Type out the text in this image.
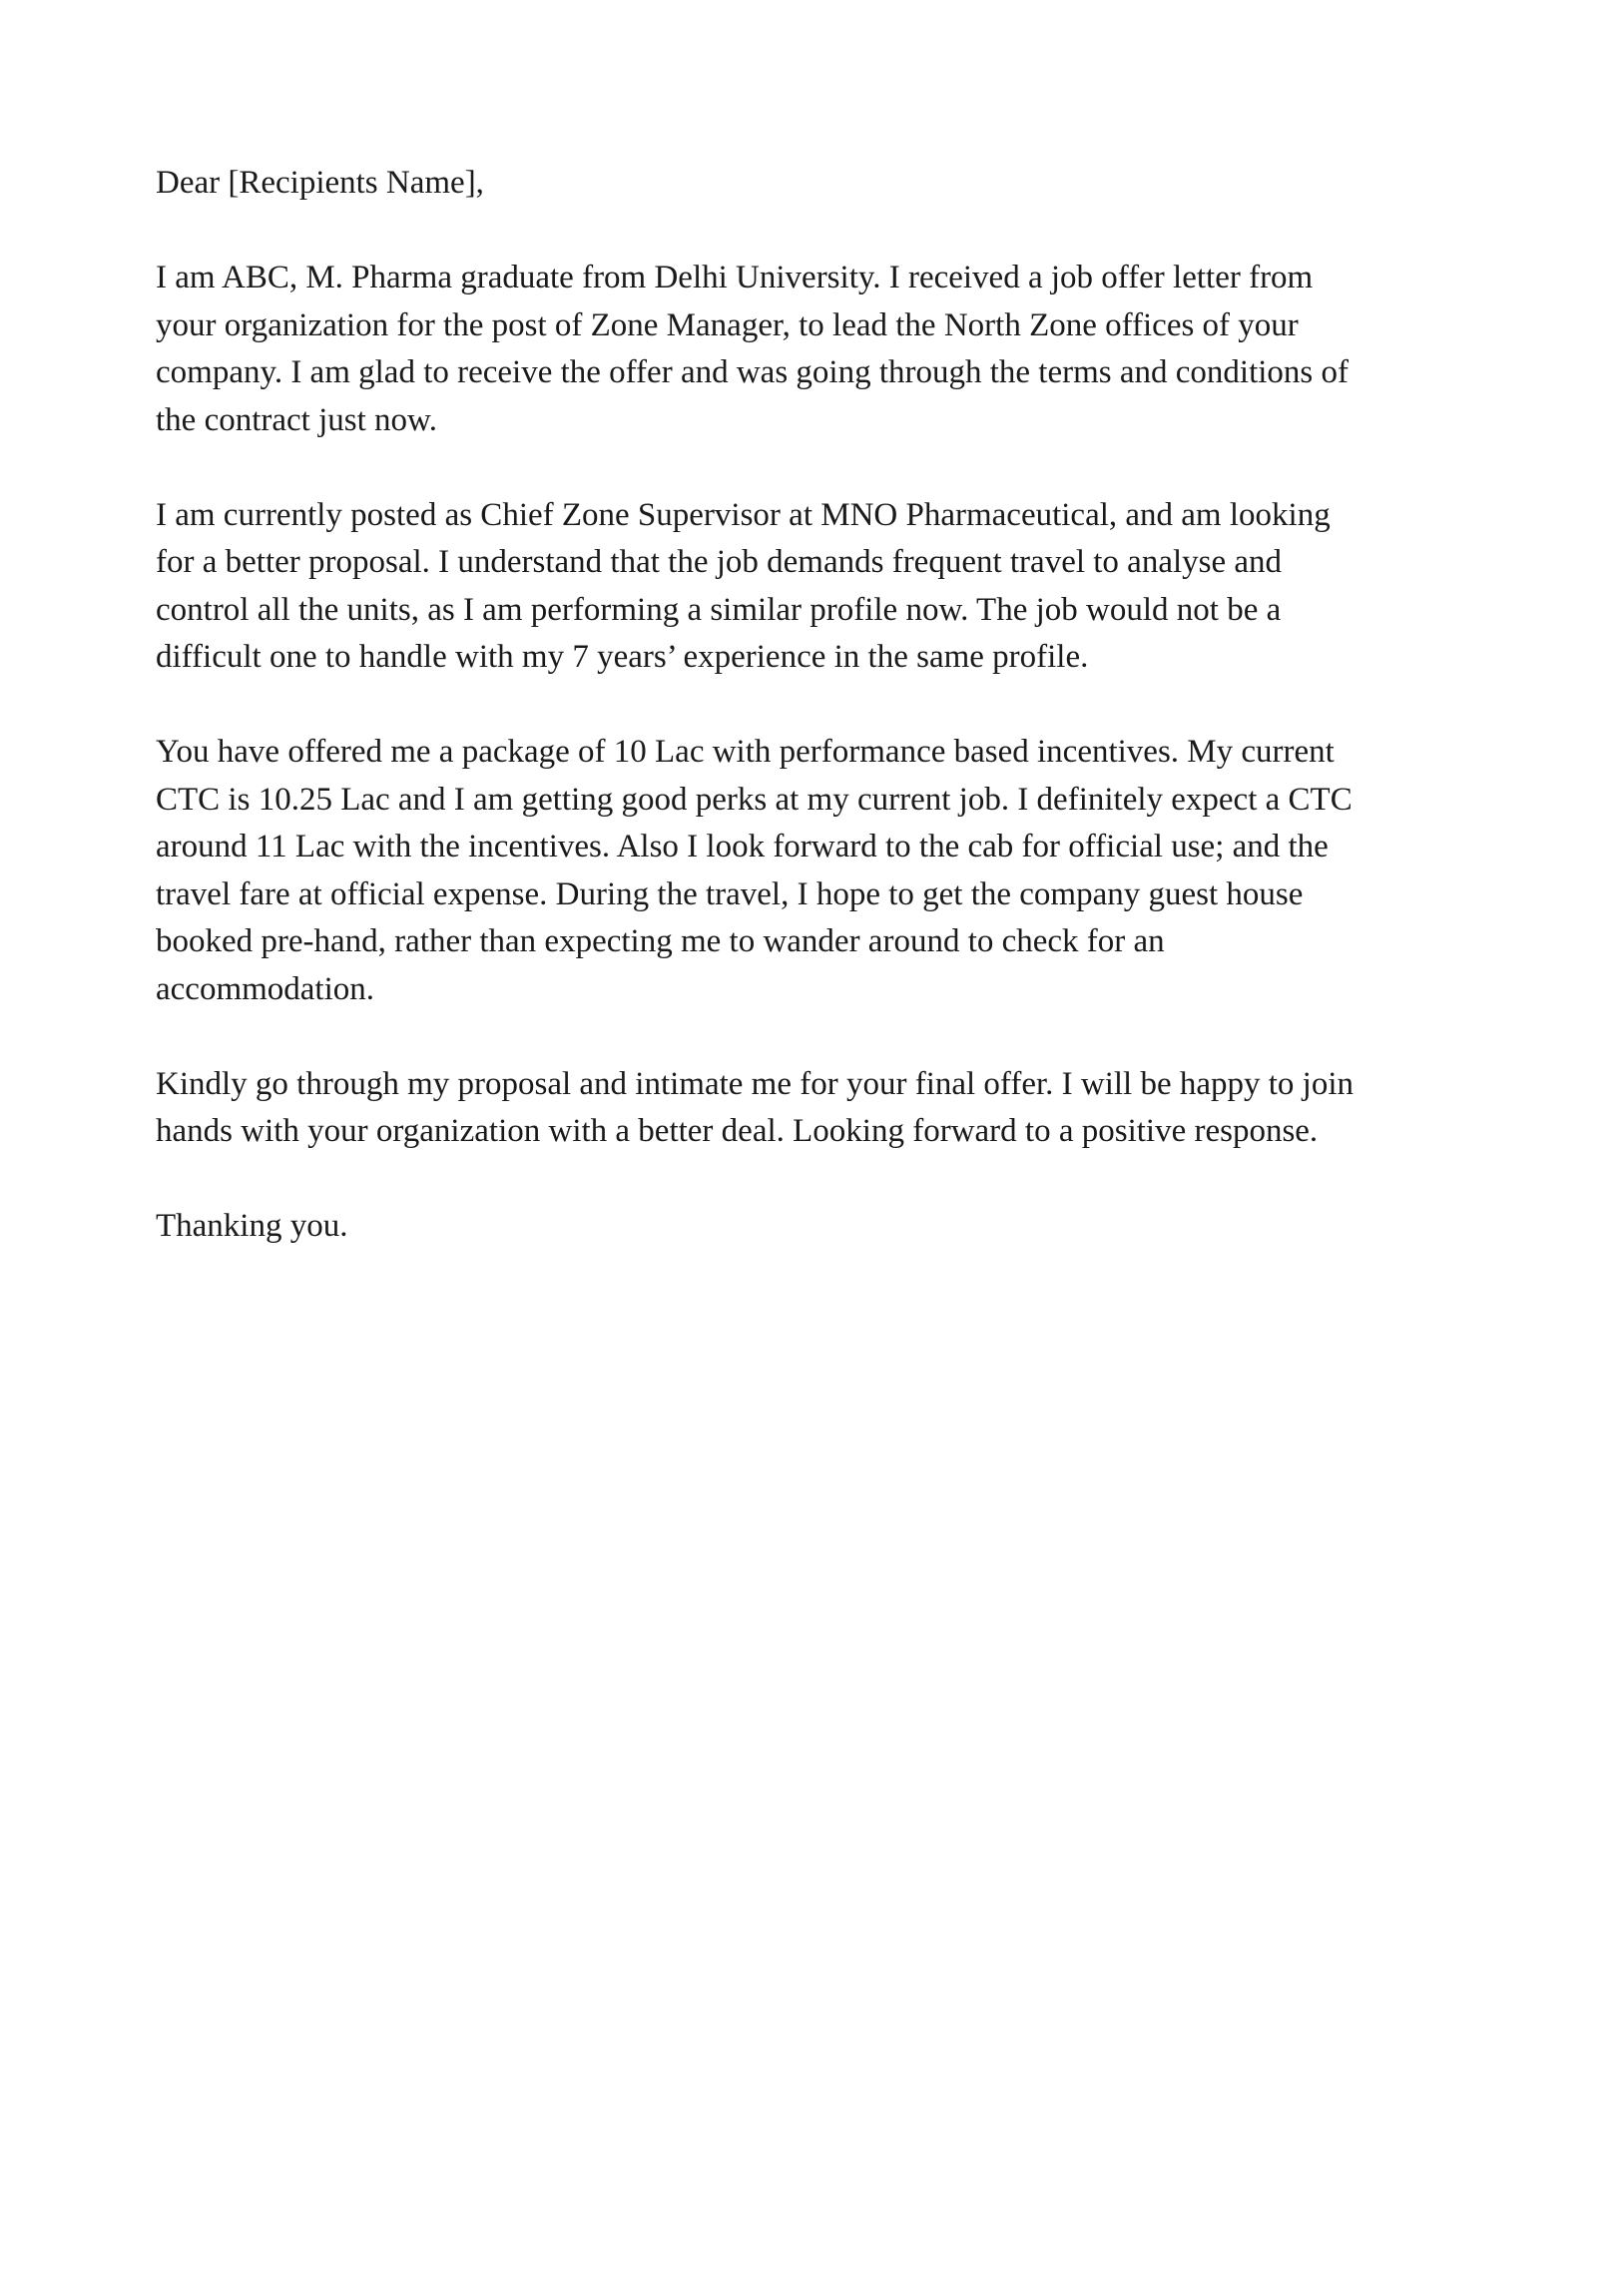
Dear [Recipients Name],

I am ABC, M. Pharma graduate from Delhi University. I received a job offer letter from
your organization for the post of Zone Manager, to lead the North Zone offices of your
company. I am glad to receive the offer and was going through the terms and conditions of
the contract just now.

I am currently posted as Chief Zone Supervisor at MNO Pharmaceutical, and am looking
for a better proposal. I understand that the job demands frequent travel to analyse and
control all the units, as I am performing a similar profile now. The job would not be a
difficult one to handle with my 7 years’ experience in the same profile.

You have offered me a package of 10 Lac with performance based incentives. My current
CTC is 10.25 Lac and I am getting good perks at my current job. I definitely expect a CTC
around 11 Lac with the incentives. Also I look forward to the cab for official use; and the
travel fare at official expense. During the travel, I hope to get the company guest house
booked pre-hand, rather than expecting me to wander around to check for an
accommodation.

Kindly go through my proposal and intimate me for your final offer. I will be happy to join
hands with your organization with a better deal. Looking forward to a positive response.

Thanking you.
